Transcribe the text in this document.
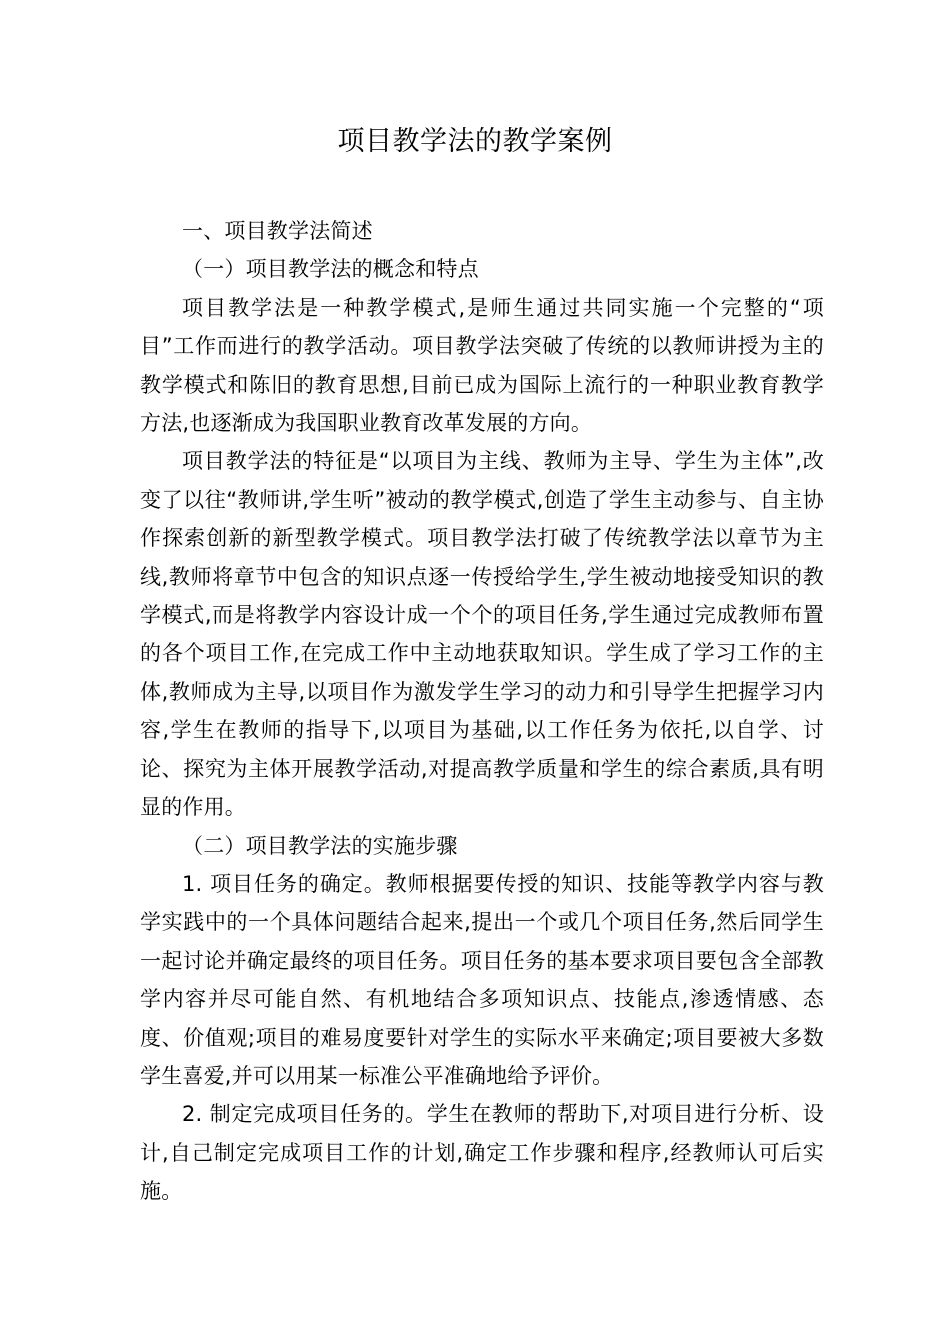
项目教学法的教学案例

一、项目教学法简述

（一）项目教学法的概念和特点

项目教学法是一种教学模式,是师生通过共同实施一个完整的“项目”工作而进行的教学活动。项目教学法突破了传统的以教师讲授为主的教学模式和陈旧的教育思想,目前已成为国际上流行的一种职业教育教学方法,也逐渐成为我国职业教育改革发展的方向。

项目教学法的特征是“以项目为主线、教师为主导、学生为主体”,改变了以往“教师讲,学生听”被动的教学模式,创造了学生主动参与、自主协作探索创新的新型教学模式。项目教学法打破了传统教学法以章节为主线,教师将章节中包含的知识点逐一传授给学生,学生被动地接受知识的教学模式,而是将教学内容设计成一个个的项目任务,学生通过完成教师布置的各个项目工作,在完成工作中主动地获取知识。学生成了学习工作的主体,教师成为主导,以项目作为激发学生学习的动力和引导学生把握学习内容,学生在教师的指导下,以项目为基础,以工作任务为依托,以自学、讨论、探究为主体开展教学活动,对提高教学质量和学生的综合素质,具有明显的作用。

（二）项目教学法的实施步骤

1. 项目任务的确定。教师根据要传授的知识、技能等教学内容与教学实践中的一个具体问题结合起来,提出一个或几个项目任务,然后同学生一起讨论并确定最终的项目任务。项目任务的基本要求项目要包含全部教学内容并尽可能自然、有机地结合多项知识点、技能点,渗透情感、态度、价值观;项目的难易度要针对学生的实际水平来确定;项目要被大多数学生喜爱,并可以用某一标准公平准确地给予评价。

2. 制定完成项目任务的。学生在教师的帮助下,对项目进行分析、设计,自己制定完成项目工作的计划,确定工作步骤和程序,经教师认可后实施。
